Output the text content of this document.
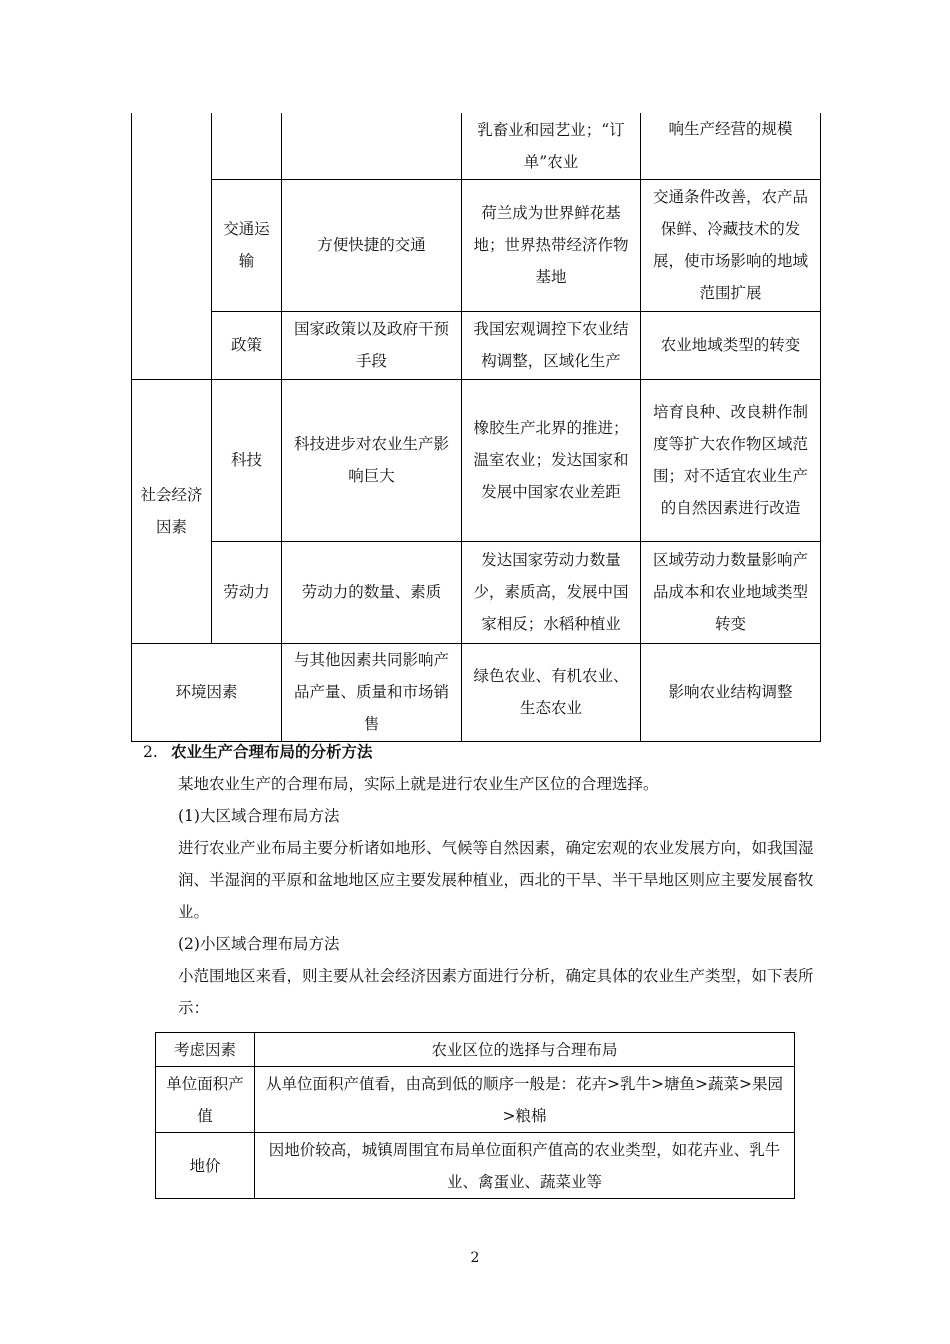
			乳畜业和园艺业；“订单”农业	响生产经营的规模
	交通运输	方便快捷的交通	荷兰成为世界鲜花基地；世界热带经济作物基地	交通条件改善，农产品保鲜、冷藏技术的发展，使市场影响的地域范围扩展
	政策	国家政策以及政府干预手段	我国宏观调控下农业结构调整，区域化生产	农业地域类型的转变
社会经济因素	科技	科技进步对农业生产影响巨大	橡胶生产北界的推进；温室农业；发达国家和发展中国家农业差距	培育良种、改良耕作制度等扩大农作物区域范围；对不适宜农业生产的自然因素进行改造
	劳动力	劳动力的数量、素质	发达国家劳动力数量少，素质高，发展中国家相反；水稻种植业	区域劳动力数量影响产品成本和农业地域类型转变
环境因素		与其他因素共同影响产品产量、质量和市场销售	绿色农业、有机农业、生态农业	影响农业结构调整
2. 农业生产合理布局的分析方法
某地农业生产的合理布局，实际上就是进行农业生产区位的合理选择。
(1)大区域合理布局方法
进行农业产业布局主要分析诸如地形、气候等自然因素，确定宏观的农业发展方向，如我国湿润、半湿润的平原和盆地地区应主要发展种植业，西北的干旱、半干旱地区则应主要发展畜牧业。
(2)小区域合理布局方法
小范围地区来看，则主要从社会经济因素方面进行分析，确定具体的农业生产类型，如下表所示：
考虑因素	农业区位的选择与合理布局
单位面积产值	从单位面积产值看，由高到低的顺序一般是：花卉>乳牛>塘鱼>蔬菜>果园>粮棉
地价	因地价较高，城镇周围宜布局单位面积产值高的农业类型，如花卉业、乳牛业、禽蛋业、蔬菜业等
2
